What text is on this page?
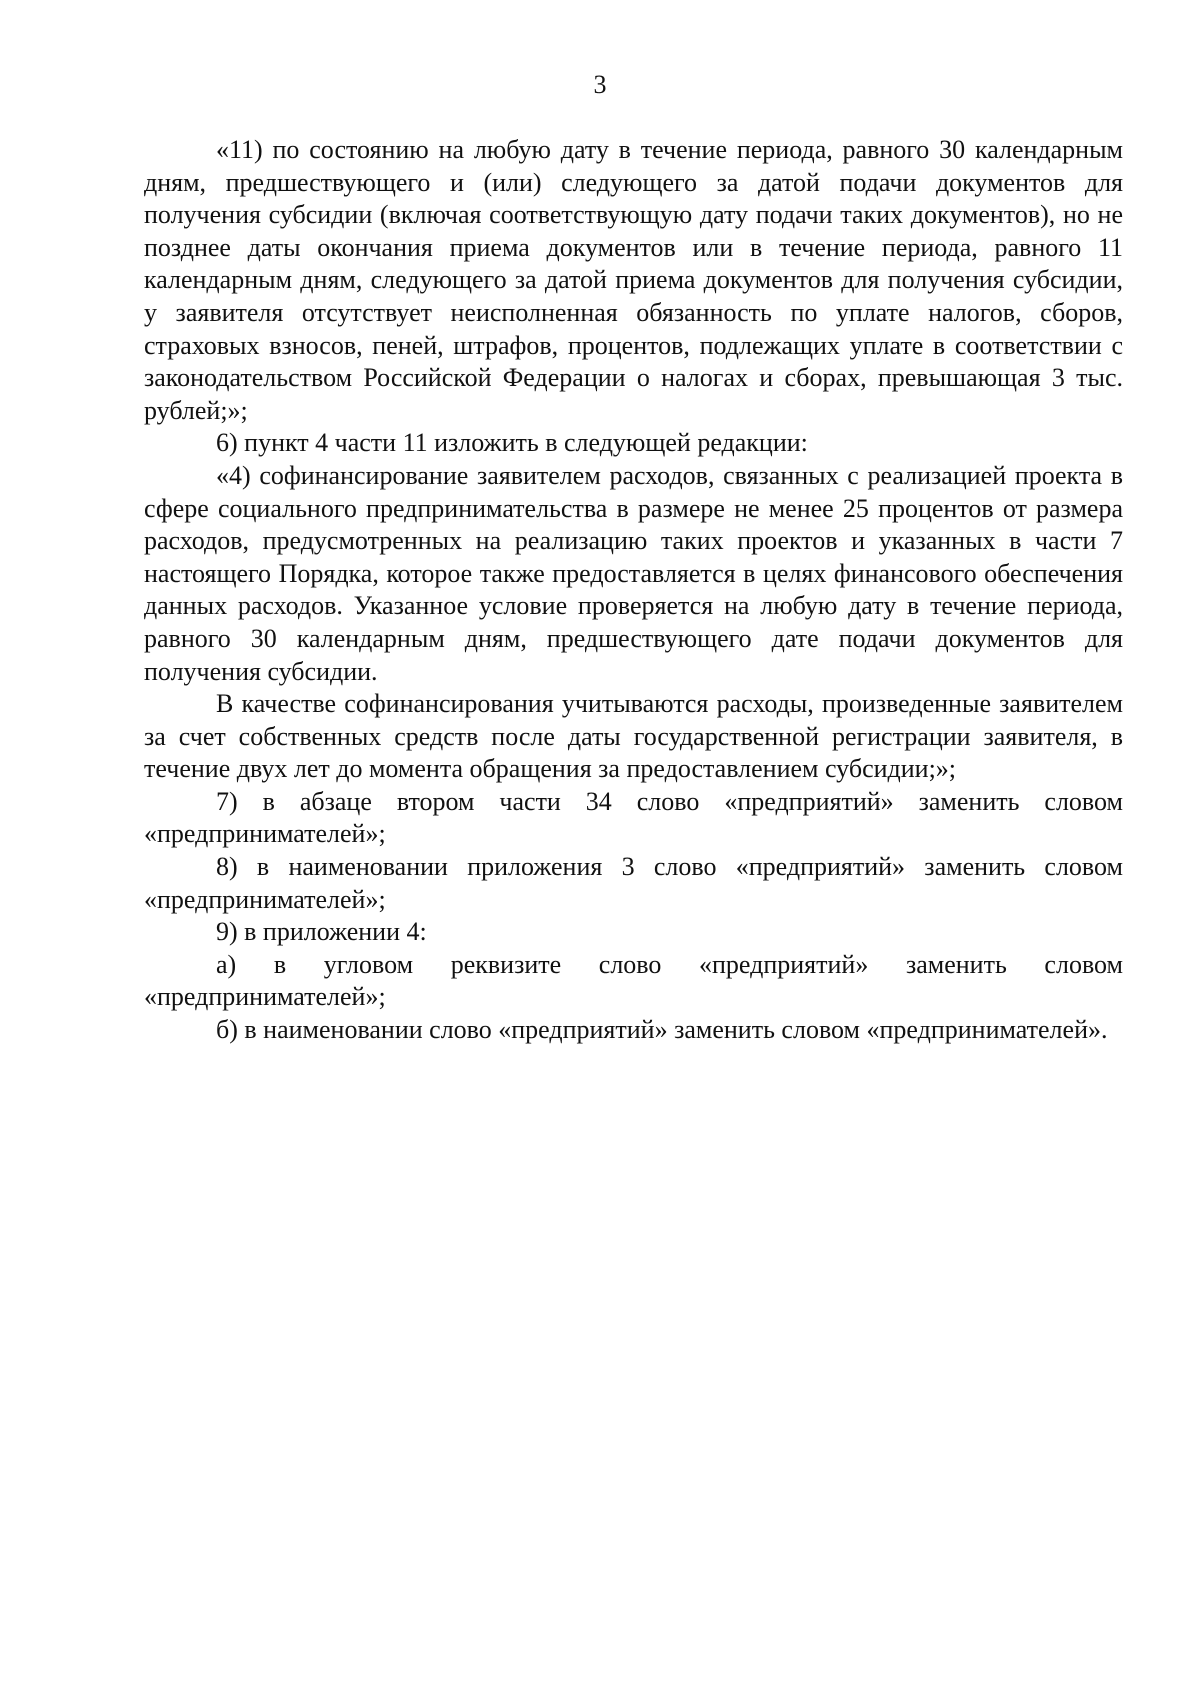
3

«11) по состоянию на любую дату в течение периода, равного 30 календарным дням, предшествующего и (или) следующего за датой подачи документов для получения субсидии (включая соответствующую дату подачи таких документов), но не позднее даты окончания приема документов или в течение периода, равного 11 календарным дням, следующего за датой приема документов для получения субсидии, у заявителя отсутствует неисполненная обязанность по уплате налогов, сборов, страховых взносов, пеней, штрафов, процентов, подлежащих уплате в соответствии с законодательством Российской Федерации о налогах и сборах, превышающая 3 тыс. рублей;»;

6) пункт 4 части 11 изложить в следующей редакции:

«4) софинансирование заявителем расходов, связанных с реализацией проекта в сфере социального предпринимательства в размере не менее 25 процентов от размера расходов, предусмотренных на реализацию таких проектов и указанных в части 7 настоящего Порядка, которое также предоставляется в целях финансового обеспечения данных расходов. Указанное условие проверяется на любую дату в течение периода, равного 30 календарным дням, предшествующего дате подачи документов для получения субсидии.

В качестве софинансирования учитываются расходы, произведенные заявителем за счет собственных средств после даты государственной регистрации заявителя, в течение двух лет до момента обращения за предоставлением субсидии;»;

7) в абзаце втором части 34 слово «предприятий» заменить словом «предпринимателей»;

8) в наименовании приложения 3 слово «предприятий» заменить словом «предпринимателей»;

9) в приложении 4:

а) в угловом реквизите слово «предприятий» заменить словом «предпринимателей»;

б) в наименовании слово «предприятий» заменить словом «предпринимателей».
